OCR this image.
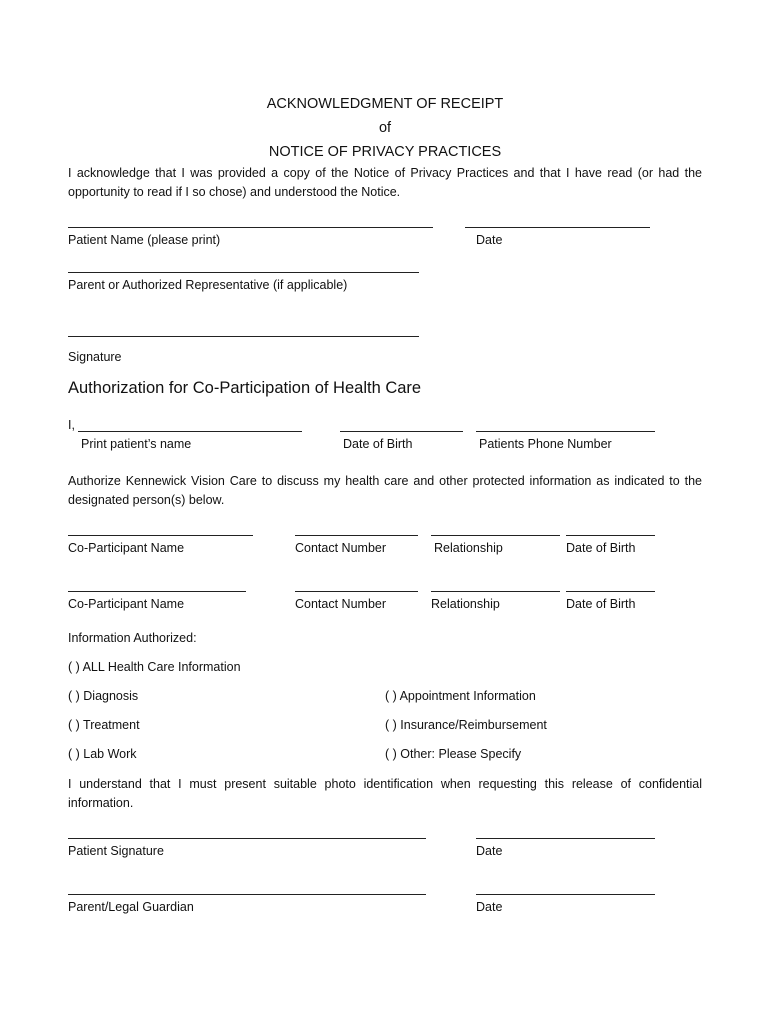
ACKNOWLEDGMENT OF RECEIPT
of
NOTICE OF PRIVACY PRACTICES
I acknowledge that I was provided a copy of the Notice of Privacy Practices and that I have read (or had the opportunity to read if I so chose) and understood the Notice.
Patient Name (please print)	Date
Parent or Authorized Representative (if applicable)
Signature
Authorization for Co-Participation of Health Care
I,
Print patient’s name	Date of Birth	Patients Phone Number
Authorize Kennewick Vision Care to discuss my health care and other protected information as indicated to the designated person(s) below.
Co-Participant Name	Contact Number	Relationship	Date of Birth
Co-Participant Name	Contact Number	Relationship	Date of Birth
Information Authorized:
( ) ALL Health Care Information
( ) Diagnosis	( ) Appointment Information
( ) Treatment	( ) Insurance/Reimbursement
( ) Lab Work	( ) Other: Please Specify
I understand that I must present suitable photo identification when requesting this release of confidential information.
Patient Signature	Date
Parent/Legal Guardian	Date
